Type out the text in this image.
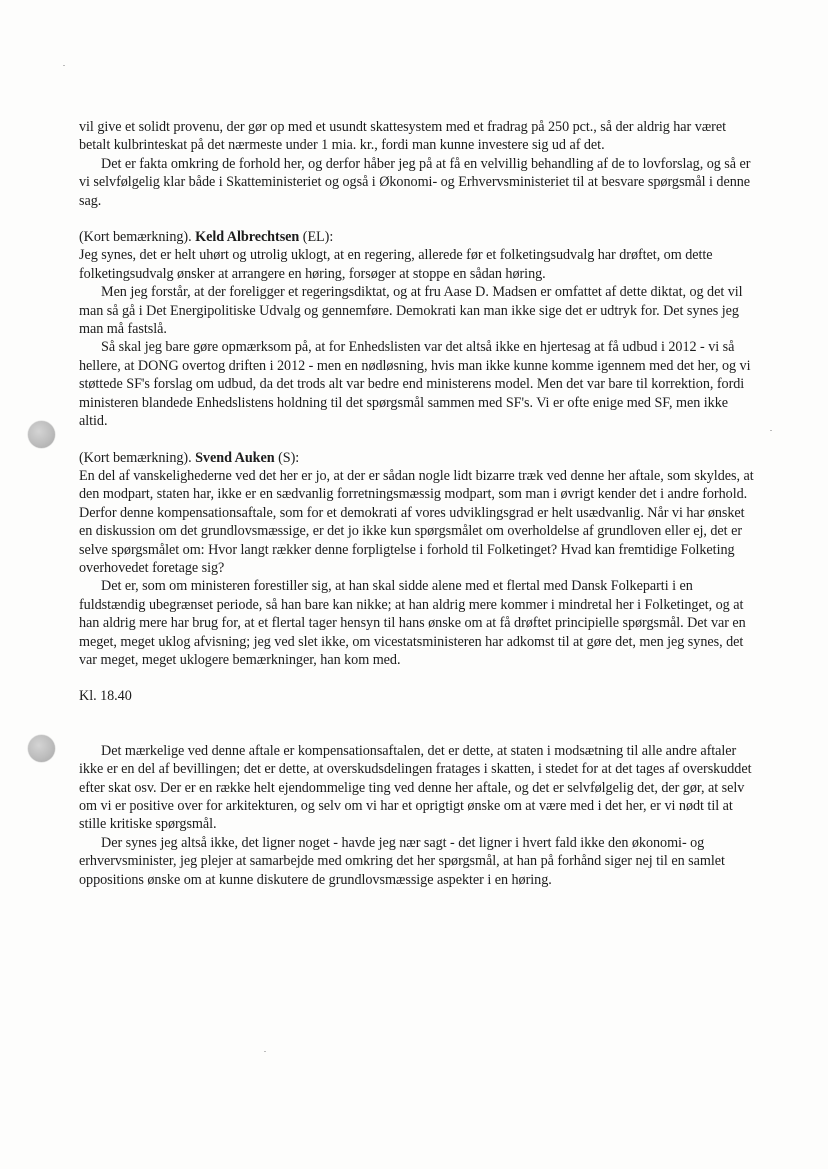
vil give et solidt provenu, der gør op med et usundt skattesystem med et fradrag på 250 pct., så der aldrig har været betalt kulbrinteskat på det nærmeste under 1 mia. kr., fordi man kunne investere sig ud af det.

Det er fakta omkring de forhold her, og derfor håber jeg på at få en velvillig behandling af de to lovforslag, og så er vi selvfølgelig klar både i Skatteministeriet og også i Økonomi- og Erhvervsministeriet til at besvare spørgsmål i denne sag.

(Kort bemærkning). Keld Albrechtsen (EL):

Jeg synes, det er helt uhørt og utrolig uklogt, at en regering, allerede før et folketingsudvalg har drøftet, om dette folketingsudvalg ønsker at arrangere en høring, forsøger at stoppe en sådan høring.

Men jeg forstår, at der foreligger et regeringsdiktat, og at fru Aase D. Madsen er omfattet af dette diktat, og det vil man så gå i Det Energipolitiske Udvalg og gennemføre. Demokrati kan man ikke sige det er udtryk for. Det synes jeg man må fastslå.

Så skal jeg bare gøre opmærksom på, at for Enhedslisten var det altså ikke en hjertesag at få udbud i 2012 - vi så hellere, at DONG overtog driften i 2012 - men en nødløsning, hvis man ikke kunne komme igennem med det her, og vi støttede SF's forslag om udbud, da det trods alt var bedre end ministerens model. Men det var bare til korrektion, fordi ministeren blandede Enhedslistens holdning til det spørgsmål sammen med SF's. Vi er ofte enige med SF, men ikke altid.

(Kort bemærkning). Svend Auken (S):

En del af vanskelighederne ved det her er jo, at der er sådan nogle lidt bizarre træk ved denne her aftale, som skyldes, at den modpart, staten har, ikke er en sædvanlig forretningsmæssig modpart, som man i øvrigt kender det i andre forhold. Derfor denne kompensationsaftale, som for et demokrati af vores udviklingsgrad er helt usædvanlig. Når vi har ønsket en diskussion om det grundlovsmæssige, er det jo ikke kun spørgsmålet om overholdelse af grundloven eller ej, det er selve spørgsmålet om: Hvor langt rækker denne forpligtelse i forhold til Folketinget? Hvad kan fremtidige Folketing overhovedet foretage sig?

Det er, som om ministeren forestiller sig, at han skal sidde alene med et flertal med Dansk Folkeparti i en fuldstændig ubegrænset periode, så han bare kan nikke; at han aldrig mere kommer i mindretal her i Folketinget, og at han aldrig mere har brug for, at et flertal tager hensyn til hans ønske om at få drøftet principielle spørgsmål. Det var en meget, meget uklog afvisning; jeg ved slet ikke, om vicestatsministeren har adkomst til at gøre det, men jeg synes, det var meget, meget uklogere bemærkninger, han kom med.

Kl. 18.40

Det mærkelige ved denne aftale er kompensationsaftalen, det er dette, at staten i modsætning til alle andre aftaler ikke er en del af bevillingen; det er dette, at overskudsdelingen fratages i skatten, i stedet for at det tages af overskuddet efter skat osv. Der er en række helt ejendommelige ting ved denne her aftale, og det er selvfølgelig det, der gør, at selv om vi er positive over for arkitekturen, og selv om vi har et oprigtigt ønske om at være med i det her, er vi nødt til at stille kritiske spørgsmål.

Der synes jeg altså ikke, det ligner noget - havde jeg nær sagt - det ligner i hvert fald ikke den økonomi- og erhvervsminister, jeg plejer at samarbejde med omkring det her spørgsmål, at han på forhånd siger nej til en samlet oppositions ønske om at kunne diskutere de grundlovsmæssige aspekter i en høring.
